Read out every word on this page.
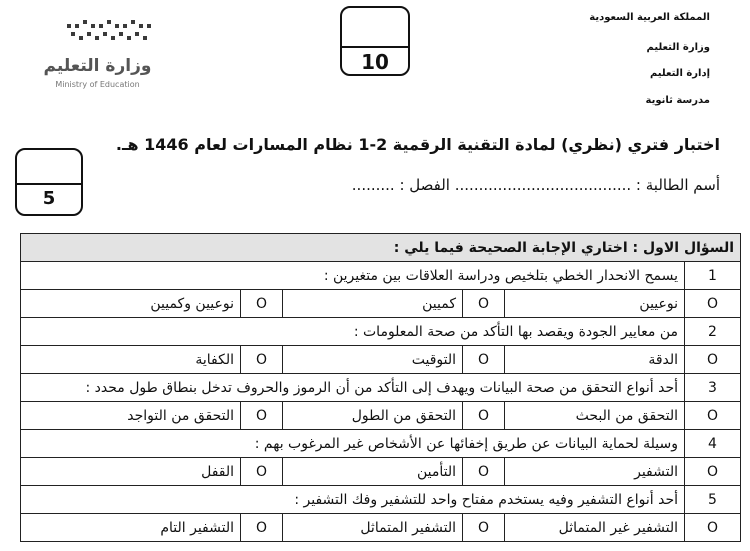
المملكة العربية السعودية
وزارة التعليم
إدارة التعليم
مدرسة ثانوية
10
وزارة التعليم
Ministry of Education
5
اختبار فتري (نظري) لمادة التقنية الرقمية 2-1 نظام المسارات لعام 1446 هـ.
أسم الطالبة : ..................................... الفصل : .........
السؤال الاول : اختاري الإجابة الصحيحة فيما يلي :					
1	يسمح الانحدار الخطي بتلخيص ودراسة العلاقات بين متغيرين :				
O	نوعيين	O	كميين	O	نوعيين وكميين
2	من معايير الجودة ويقصد بها التأكد من صحة المعلومات :				
O	الدقة	O	التوقيت	O	الكفاية
3	أحد أنواع التحقق من صحة البيانات ويهدف إلى التأكد من أن الرموز والحروف تدخل بنطاق طول محدد :				
O	التحقق من البحث	O	التحقق من الطول	O	التحقق من التواجد
4	وسيلة لحماية البيانات عن طريق إخفائها عن الأشخاص غير المرغوب بهم :				
O	التشفير	O	التأمين	O	القفل
5	أحد أنواع التشفير وفيه يستخدم مفتاح واحد للتشفير وفك التشفير :				
O	التشفير غير المتماثل	O	التشفير المتماثل	O	التشفير التام
